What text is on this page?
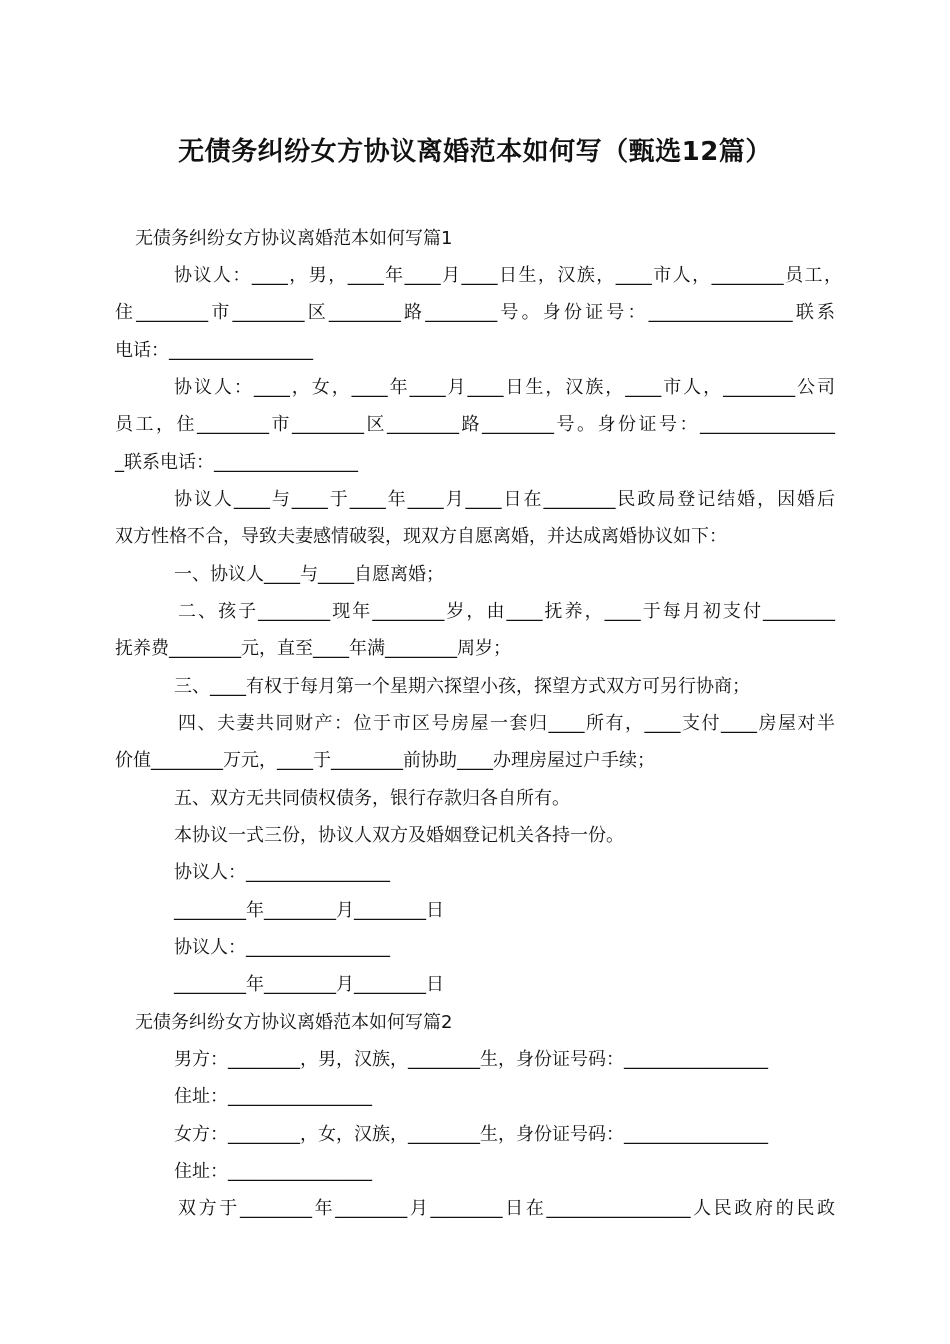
无债务纠纷女方协议离婚范本如何写（甄选12篇）
无债务纠纷女方协议离婚范本如何写篇1
协议人：____，男，____年____月____日生，汉族，____市人，________员工，
住________市________区________路________号。身份证号：________________联系
电话：________________
协议人：____，女，____年____月____日生，汉族，____市人，________公司
员工，住________市________区________路________号。身份证号：_______________
_联系电话：________________
协议人____与____于____年____月____日在________民政局登记结婚，因婚后
双方性格不合，导致夫妻感情破裂，现双方自愿离婚，并达成离婚协议如下：
一、协议人____与____自愿离婚；
二、孩子________现年________岁，由____抚养，____于每月初支付________
抚养费________元，直至____年满________周岁；
三、____有权于每月第一个星期六探望小孩，探望方式双方可另行协商；
四、夫妻共同财产：位于市区号房屋一套归____所有，____支付____房屋对半
价值________万元，____于________前协助____办理房屋过户手续；
五、双方无共同债权债务，银行存款归各自所有。
本协议一式三份，协议人双方及婚姻登记机关各持一份。
协议人：________________
________年________月________日
协议人：________________
________年________月________日
无债务纠纷女方协议离婚范本如何写篇2
男方：________，男，汉族，________生，身份证号码：________________
住址：________________
女方：________，女，汉族，________生，身份证号码：________________
住址：________________
双方于________年________月________日在________________人民政府的民政
